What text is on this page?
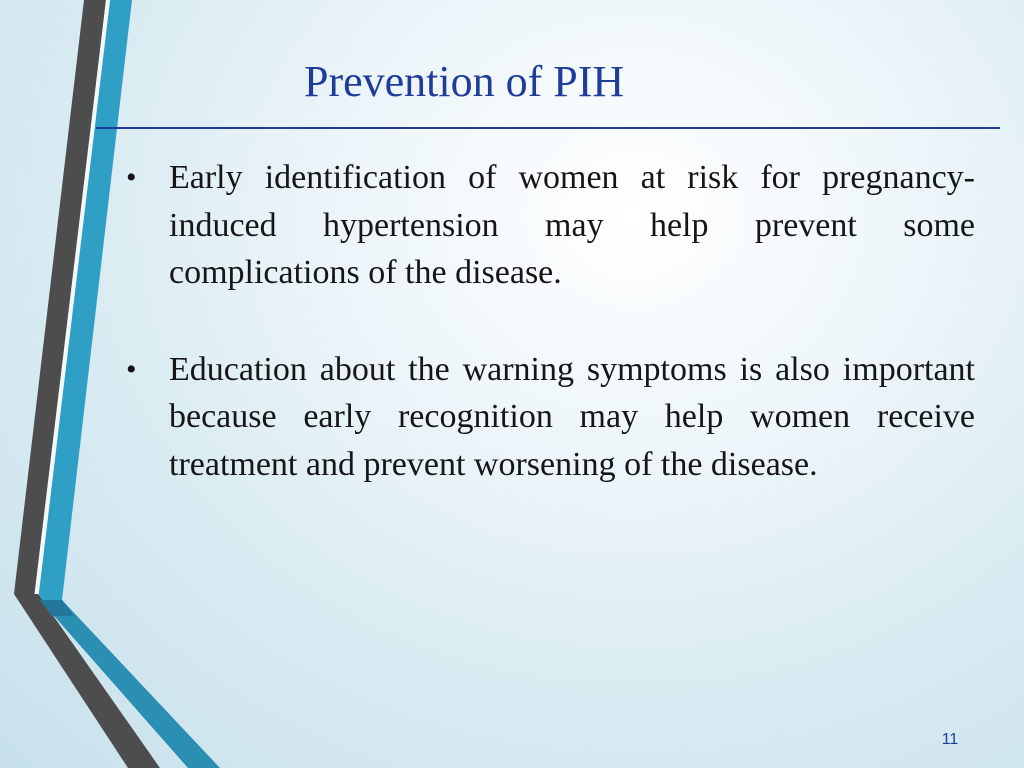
Prevention of PIH
• Early identification of women at risk for pregnancy-induced hypertension may help prevent some complications of the disease.
• Education about the warning symptoms is also important because early recognition may help women receive treatment and prevent worsening of the disease.
11
